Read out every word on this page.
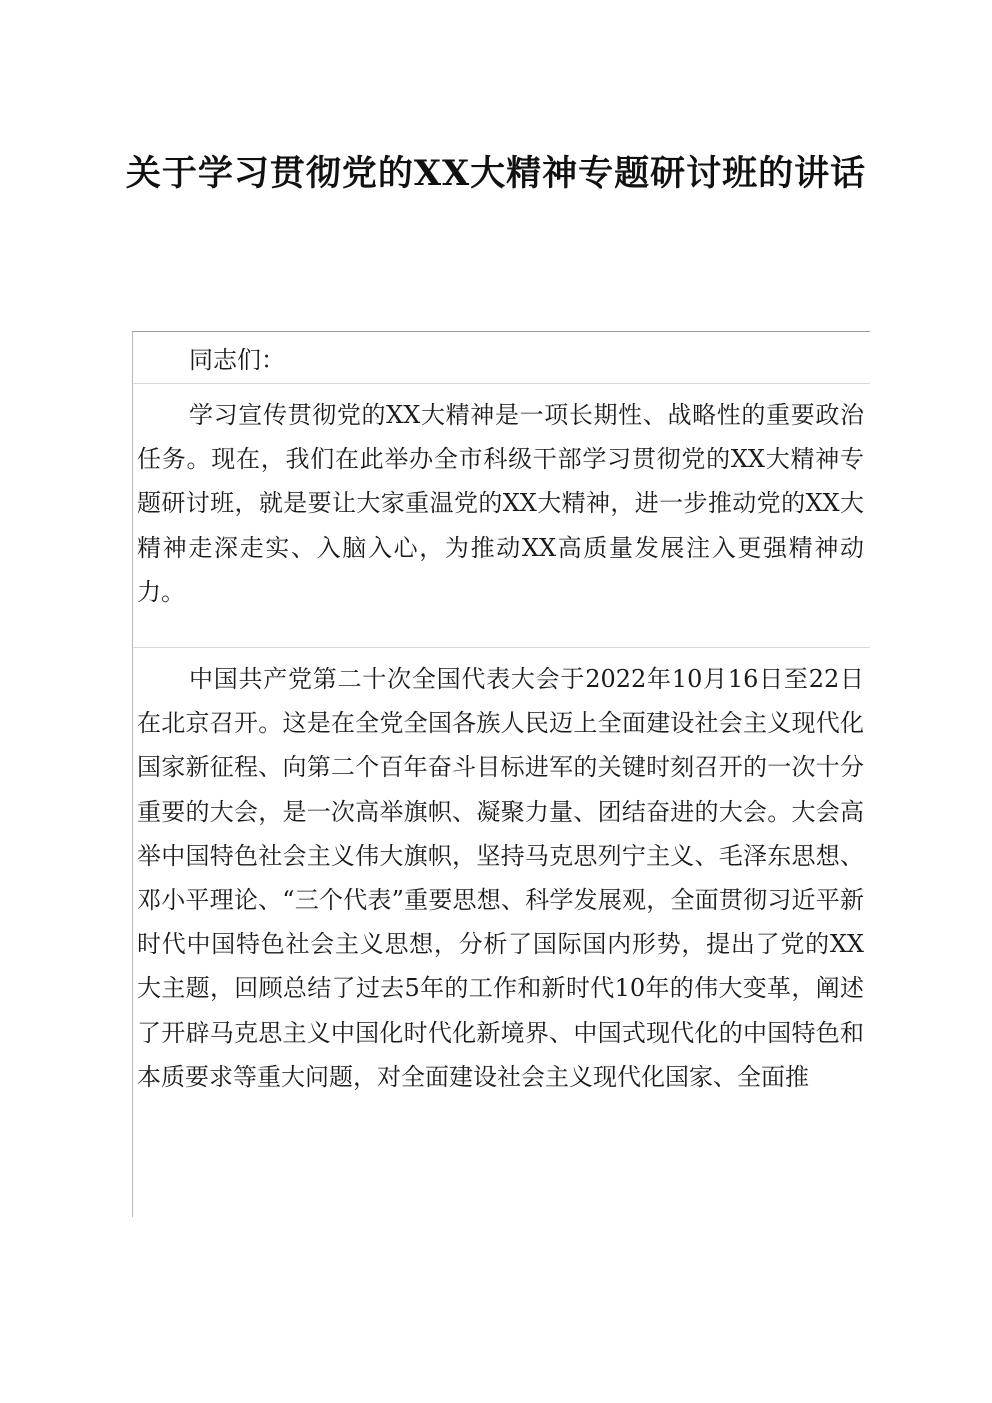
关于学习贯彻党的XX大精神专题研讨班的讲话

同志们：

学习宣传贯彻党的XX大精神是一项长期性、战略性的重要政治任务。现在，我们在此举办全市科级干部学习贯彻党的XX大精神专题研讨班，就是要让大家重温党的XX大精神，进一步推动党的XX大精神走深走实、入脑入心，为推动XX高质量发展注入更强精神动力。

中国共产党第二十次全国代表大会于2022年10月16日至22日在北京召开。这是在全党全国各族人民迈上全面建设社会主义现代化国家新征程、向第二个百年奋斗目标进军的关键时刻召开的一次十分重要的大会，是一次高举旗帜、凝聚力量、团结奋进的大会。大会高举中国特色社会主义伟大旗帜，坚持马克思列宁主义、毛泽东思想、邓小平理论、“三个代表”重要思想、科学发展观，全面贯彻习近平新时代中国特色社会主义思想，分析了国际国内形势，提出了党的XX大主题，回顾总结了过去5年的工作和新时代10年的伟大变革，阐述了开辟马克思主义中国化时代化新境界、中国式现代化的中国特色和本质要求等重大问题，对全面建设社会主义现代化国家、全面推
